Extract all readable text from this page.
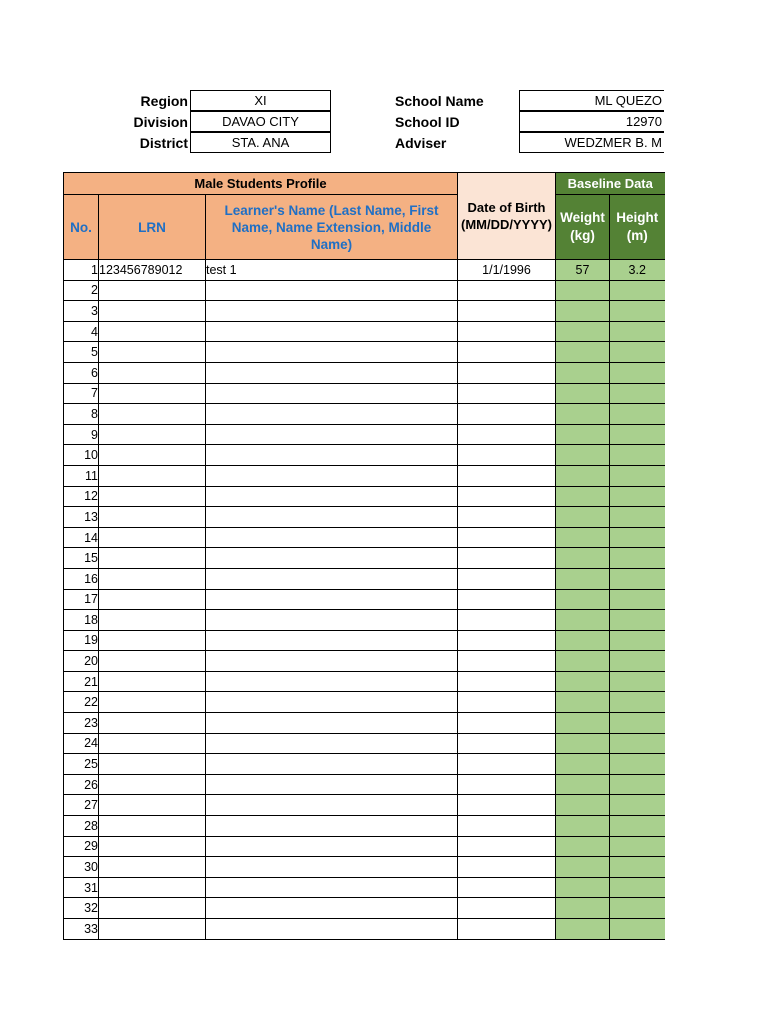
Region	XI
Division	DAVAO CITY
District	STA. ANA
School Name	ML QUEZO
School ID	12970
Adviser	WEDZMER B. M
Male Students Profile			Date of Birth (MM/DD/YYYY)	Baseline Data	
No.	LRN	Learner's Name (Last Name, First Name, Name Extension, Middle Name)		Weight (kg)	Height (m)
1	123456789012	test 1	1/1/1996	57	3.2
2					
3					
4					
5					
6					
7					
8					
9					
10					
11					
12					
13					
14					
15					
16					
17					
18					
19					
20					
21					
22					
23					
24					
25					
26					
27					
28					
29					
30					
31					
32					
33					
